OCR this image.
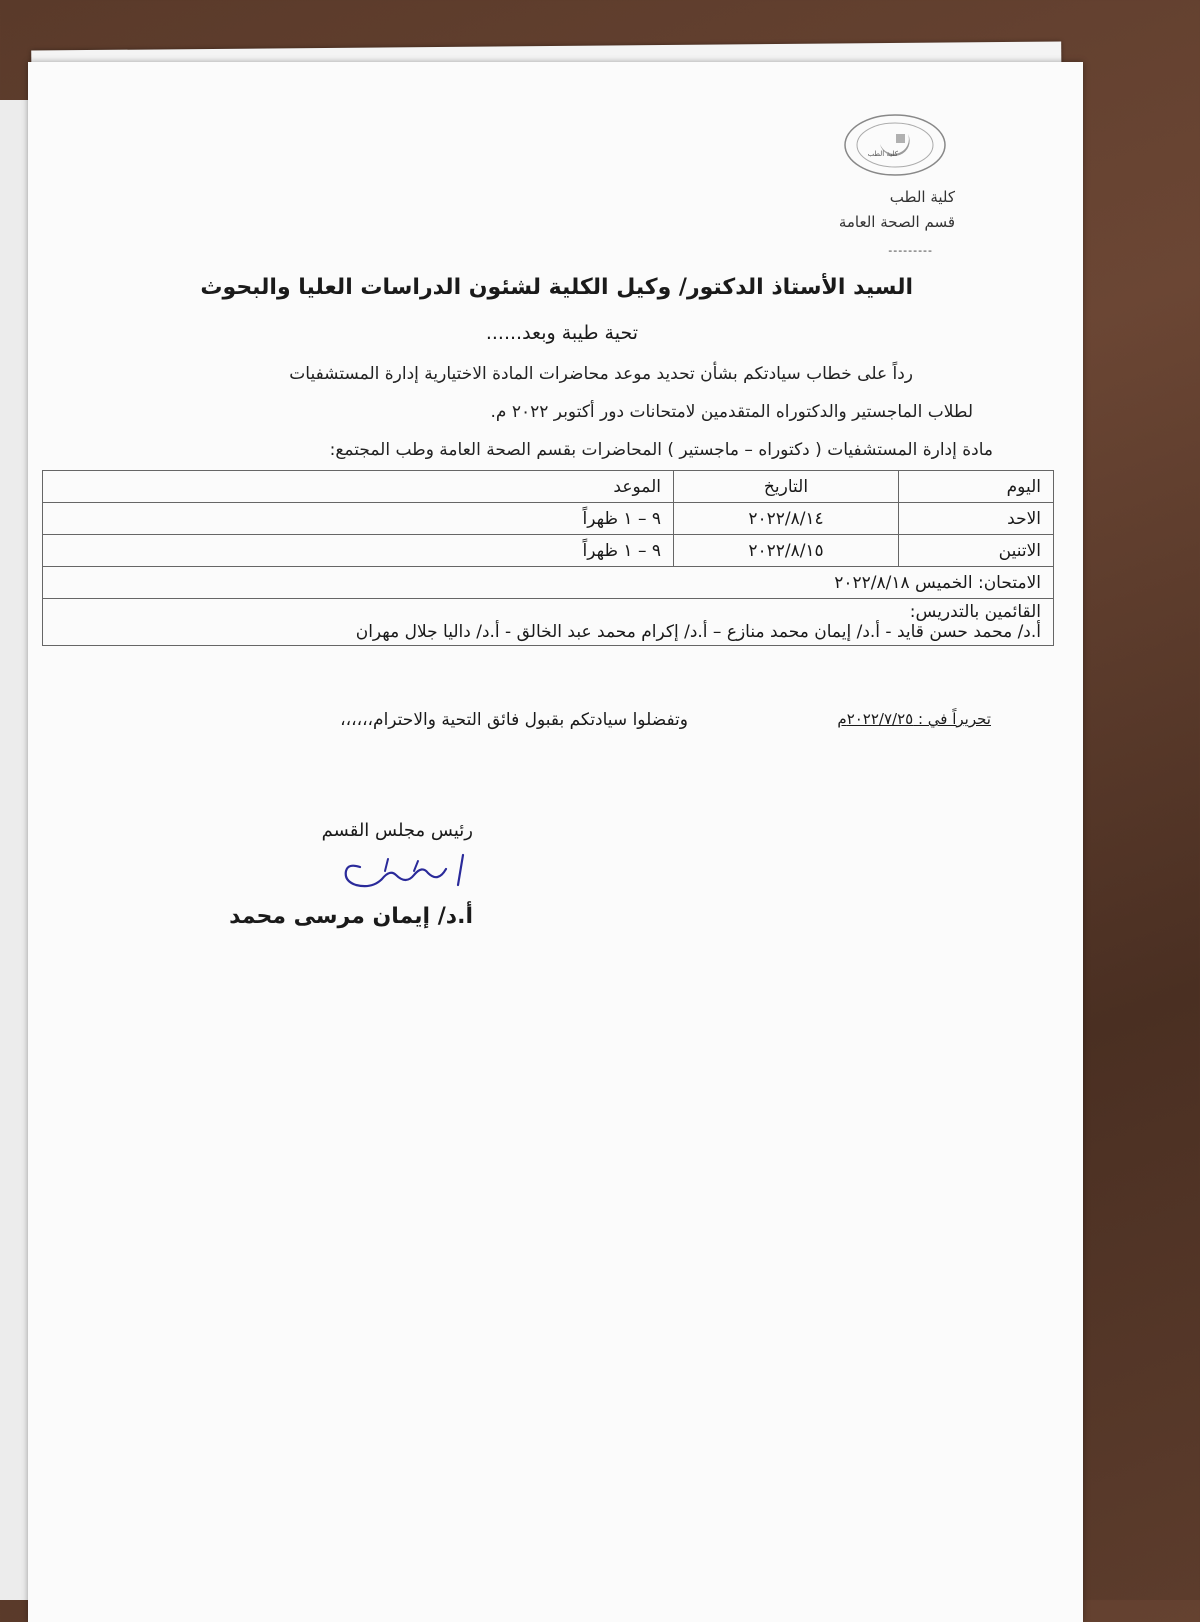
كلية الطب
كلية الطب
قسم الصحة العامة
---------
السيد الأستاذ الدكتور/ وكيل الكلية لشئون الدراسات العليا والبحوث
تحية طيبة وبعد......
رداً على خطاب سيادتكم بشأن تحديد موعد محاضرات المادة الاختيارية إدارة المستشفيات
لطلاب الماجستير والدكتوراه المتقدمين لامتحانات دور أكتوبر ٢٠٢٢ م.
مادة إدارة المستشفيات ( دكتوراه – ماجستير ) المحاضرات بقسم الصحة العامة وطب المجتمع:
اليوم	التاريخ	الموعد
الاحد	٢٠٢٢/٨/١٤	٩ – ١ ظهراً
الاتنين	٢٠٢٢/٨/١٥	٩ – ١ ظهراً
الامتحان: الخميس ٢٠٢٢/٨/١٨		

القائمين بالتدريس:
أ.د/ محمد حسن قايد - أ.د/ إيمان محمد منازع – أ.د/ إكرام محمد عبد الخالق - أ.د/ داليا جلال مهران		
وتفضلوا سيادتكم بقبول فائق التحية والاحترام،،،،،،	تحريراً في : ٢٠٢٢/٧/٢٥م
رئيس مجلس القسم
أ.د/ إيمان مرسى محمد
